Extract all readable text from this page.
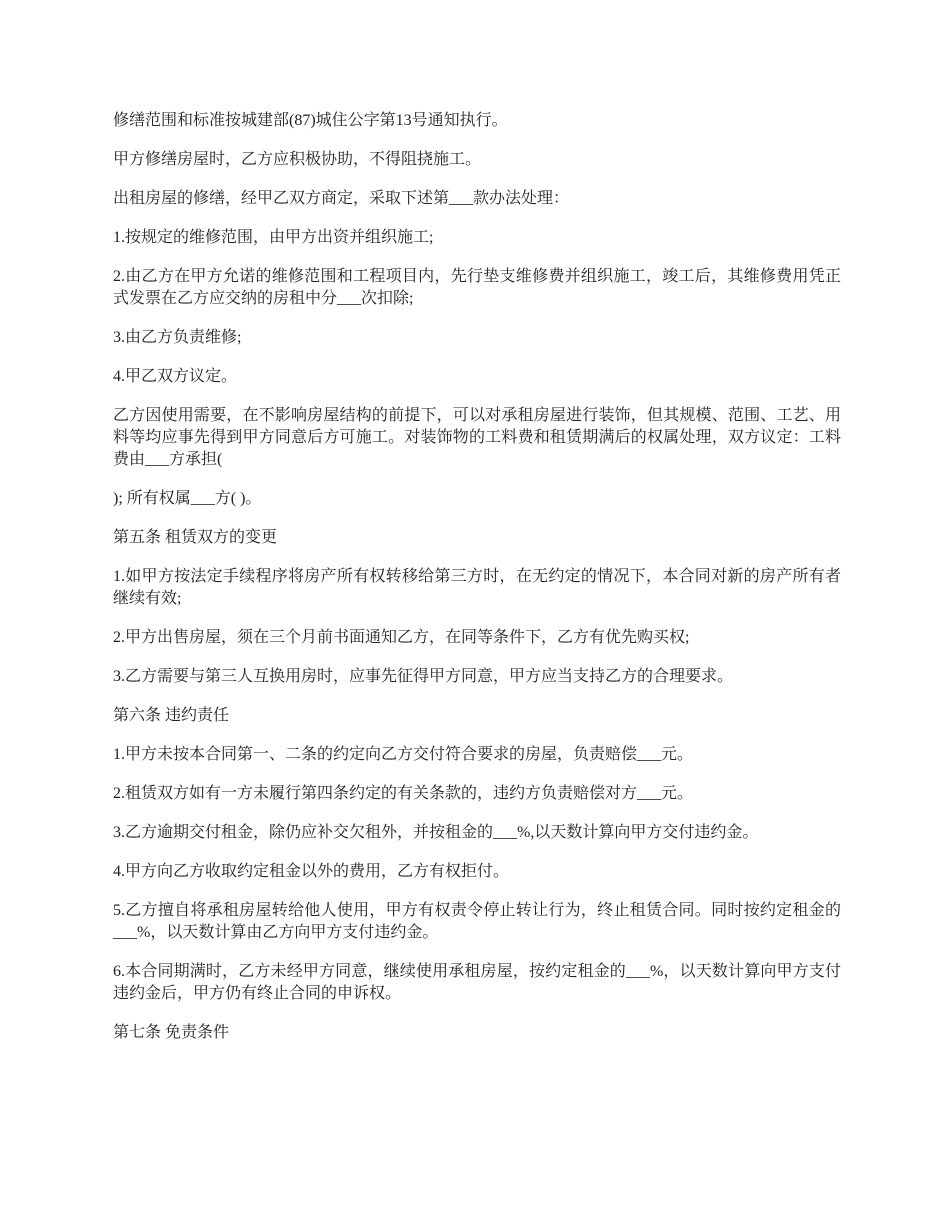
修缮范围和标准按城建部(87)城住公字第13号通知执行。

甲方修缮房屋时，乙方应积极协助，不得阻挠施工。

出租房屋的修缮，经甲乙双方商定，采取下述第___款办法处理：

1.按规定的维修范围，由甲方出资并组织施工;

2.由乙方在甲方允诺的维修范围和工程项目内，先行垫支维修费并组织施工，竣工后，其维修费用凭正式发票在乙方应交纳的房租中分___次扣除;

3.由乙方负责维修;

4.甲乙双方议定。

乙方因使用需要，在不影响房屋结构的前提下，可以对承租房屋进行装饰，但其规模、范围、工艺、用料等均应事先得到甲方同意后方可施工。对装饰物的工料费和租赁期满后的权属处理，双方议定：工料费由___方承担(

); 所有权属___方( )。

第五条 租赁双方的变更

1.如甲方按法定手续程序将房产所有权转移给第三方时，在无约定的情况下，本合同对新的房产所有者继续有效;

2.甲方出售房屋，须在三个月前书面通知乙方，在同等条件下，乙方有优先购买权;

3.乙方需要与第三人互换用房时，应事先征得甲方同意，甲方应当支持乙方的合理要求。

第六条 违约责任

1.甲方未按本合同第一、二条的约定向乙方交付符合要求的房屋，负责赔偿___元。

2.租赁双方如有一方未履行第四条约定的有关条款的，违约方负责赔偿对方___元。

3.乙方逾期交付租金，除仍应补交欠租外，并按租金的___%,以天数计算向甲方交付违约金。

4.甲方向乙方收取约定租金以外的费用，乙方有权拒付。

5.乙方擅自将承租房屋转给他人使用，甲方有权责令停止转让行为，终止租赁合同。同时按约定租金的___%，以天数计算由乙方向甲方支付违约金。

6.本合同期满时，乙方未经甲方同意，继续使用承租房屋，按约定租金的___%，以天数计算向甲方支付违约金后，甲方仍有终止合同的申诉权。

第七条 免责条件
